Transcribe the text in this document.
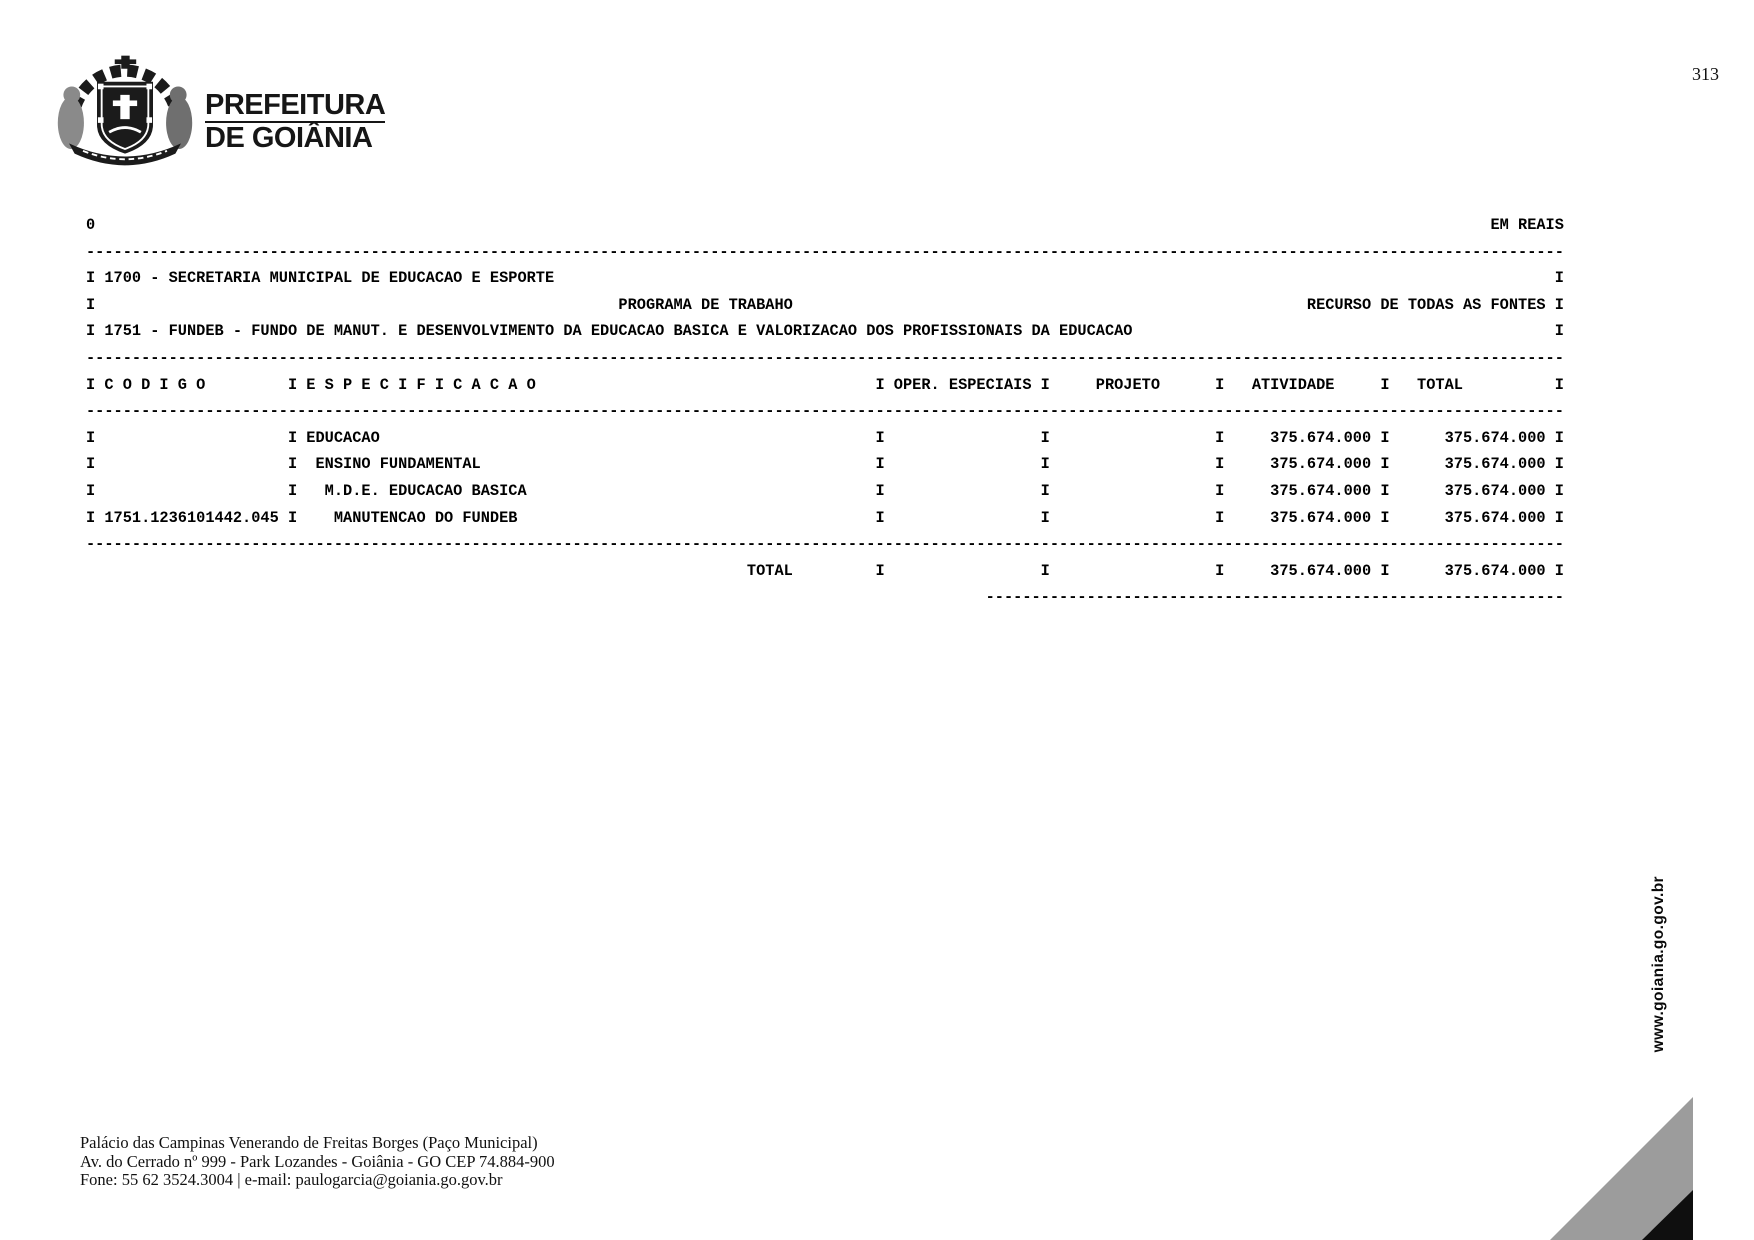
313
PREFEITURA
DE GOIÂNIA
0                                                                                                                                                        EM REAIS
-----------------------------------------------------------------------------------------------------------------------------------------------------------------
I 1700 - SECRETARIA MUNICIPAL DE EDUCACAO E ESPORTE                                                                                                             I
I                                                         PROGRAMA DE TRABAHO                                                        RECURSO DE TODAS AS FONTES I
I 1751 - FUNDEB - FUNDO DE MANUT. E DESENVOLVIMENTO DA EDUCACAO BASICA E VALORIZACAO DOS PROFISSIONAIS DA EDUCACAO                                              I
-----------------------------------------------------------------------------------------------------------------------------------------------------------------
I C O D I G O         I E S P E C I F I C A C A O                                     I OPER. ESPECIAIS I     PROJETO      I   ATIVIDADE     I   TOTAL          I
-----------------------------------------------------------------------------------------------------------------------------------------------------------------
I                     I EDUCACAO                                                      I                 I                  I     375.674.000 I      375.674.000 I
I                     I  ENSINO FUNDAMENTAL                                           I                 I                  I     375.674.000 I      375.674.000 I
I                     I   M.D.E. EDUCACAO BASICA                                      I                 I                  I     375.674.000 I      375.674.000 I
I 1751.1236101442.045 I    MANUTENCAO DO FUNDEB                                       I                 I                  I     375.674.000 I      375.674.000 I
-----------------------------------------------------------------------------------------------------------------------------------------------------------------
TOTAL         I                 I                  I     375.674.000 I      375.674.000 I
---------------------------------------------------------------
Palácio das Campinas Venerando de Freitas Borges (Paço Municipal)
Av. do Cerrado nº 999 - Park Lozandes - Goiânia - GO CEP 74.884-900
Fone: 55 62 3524.3004 | e-mail: paulogarcia@goiania.go.gov.br
www.goiania.go.gov.br
